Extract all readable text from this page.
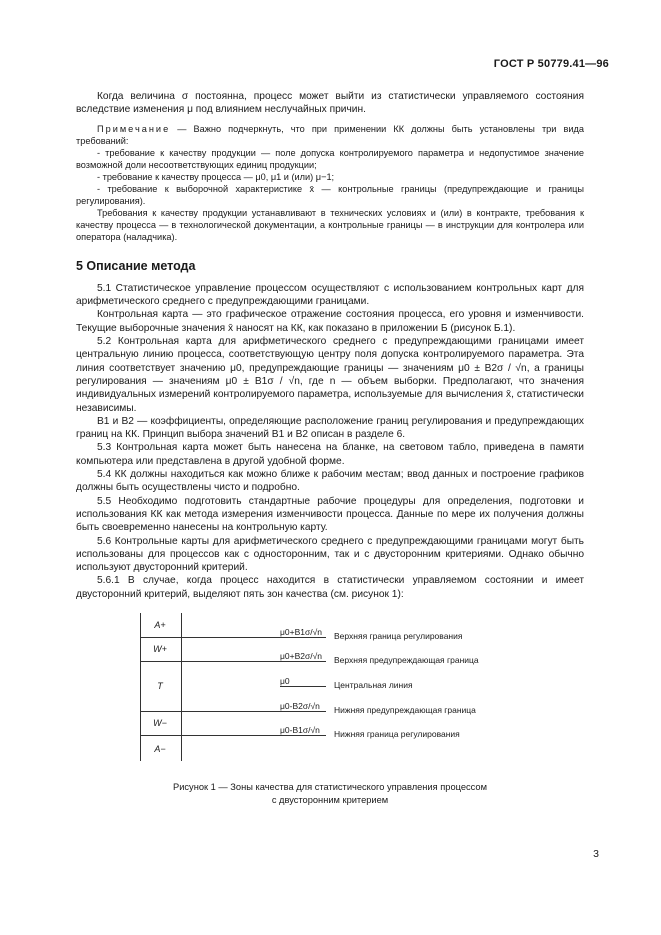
ГОСТ Р 50779.41—96

Когда величина σ постоянна, процесс может выйти из статистически управляемого состояния вследствие изменения μ под влиянием неслучайных причин.

Примечание — Важно подчеркнуть, что при применении КК должны быть установлены три вида требований:

- требование к качеству продукции — поле допуска контролируемого параметра и недопустимое значение возможной доли несоответствующих единиц продукции;

- требование к качеству процесса — μ0, μ1 и (или) μ−1;

- требование к выборочной характеристике x̄ — контрольные границы (предупреждающие и границы регулирования).

Требования к качеству продукции устанавливают в технических условиях и (или) в контракте, требования к качеству процесса — в технологической документации, а контрольные границы — в инструкции для контролера или оператора (наладчика).

5 Описание метода

5.1 Статистическое управление процессом осуществляют с использованием контрольных карт для арифметического среднего с предупреждающими границами.

Контрольная карта — это графическое отражение состояния процесса, его уровня и изменчивости. Текущие выборочные значения x̄ наносят на КК, как показано в приложении Б (рисунок Б.1).

5.2 Контрольная карта для арифметического среднего с предупреждающими границами имеет центральную линию процесса, соответствующую центру поля допуска контролируемого параметра. Эта линия соответствует значению μ0, предупреждающие границы — значениям μ0 ± B2σ / √n, а границы регулирования — значениям μ0 ± B1σ / √n, где n — объем выборки. Предполагают, что значения индивидуальных измерений контролируемого параметра, используемые для вычисления x̄, статистически независимы.

B1 и B2 — коэффициенты, определяющие расположение границ регулирования и предупреждающих границ на КК. Принцип выбора значений B1 и B2 описан в разделе 6.

5.3 Контрольная карта может быть нанесена на бланке, на световом табло, приведена в памяти компьютера или представлена в другой удобной форме.

5.4 КК должны находиться как можно ближе к рабочим местам; ввод данных и построение графиков должны быть осуществлены чисто и подробно.

5.5 Необходимо подготовить стандартные рабочие процедуры для определения, подготовки и использования КК как метода измерения изменчивости процесса. Данные по мере их получения должны быть своевременно нанесены на контрольную карту.

5.6 Контрольные карты для арифметического среднего с предупреждающими границами могут быть использованы для процессов как с односторонним, так и с двусторонним критериями. Однако обычно используют двусторонний критерий.

5.6.1 В случае, когда процесс находится в статистически управляемом состоянии и имеет двусторонний критерий, выделяют пять зон качества (см. рисунок 1):

A+
W+
T
W−
A−
μ0+B1σ/√n
μ0+B2σ/√n
μ0
μ0-B2σ/√n
μ0-B1σ/√n
Верхняя граница регулирования
Верхняя предупреждающая граница
Центральная линия
Нижняя предупреждающая граница
Нижняя граница регулирования
Рисунок 1 — Зоны качества для статистического управления процессом
с двусторонним критерием
3
